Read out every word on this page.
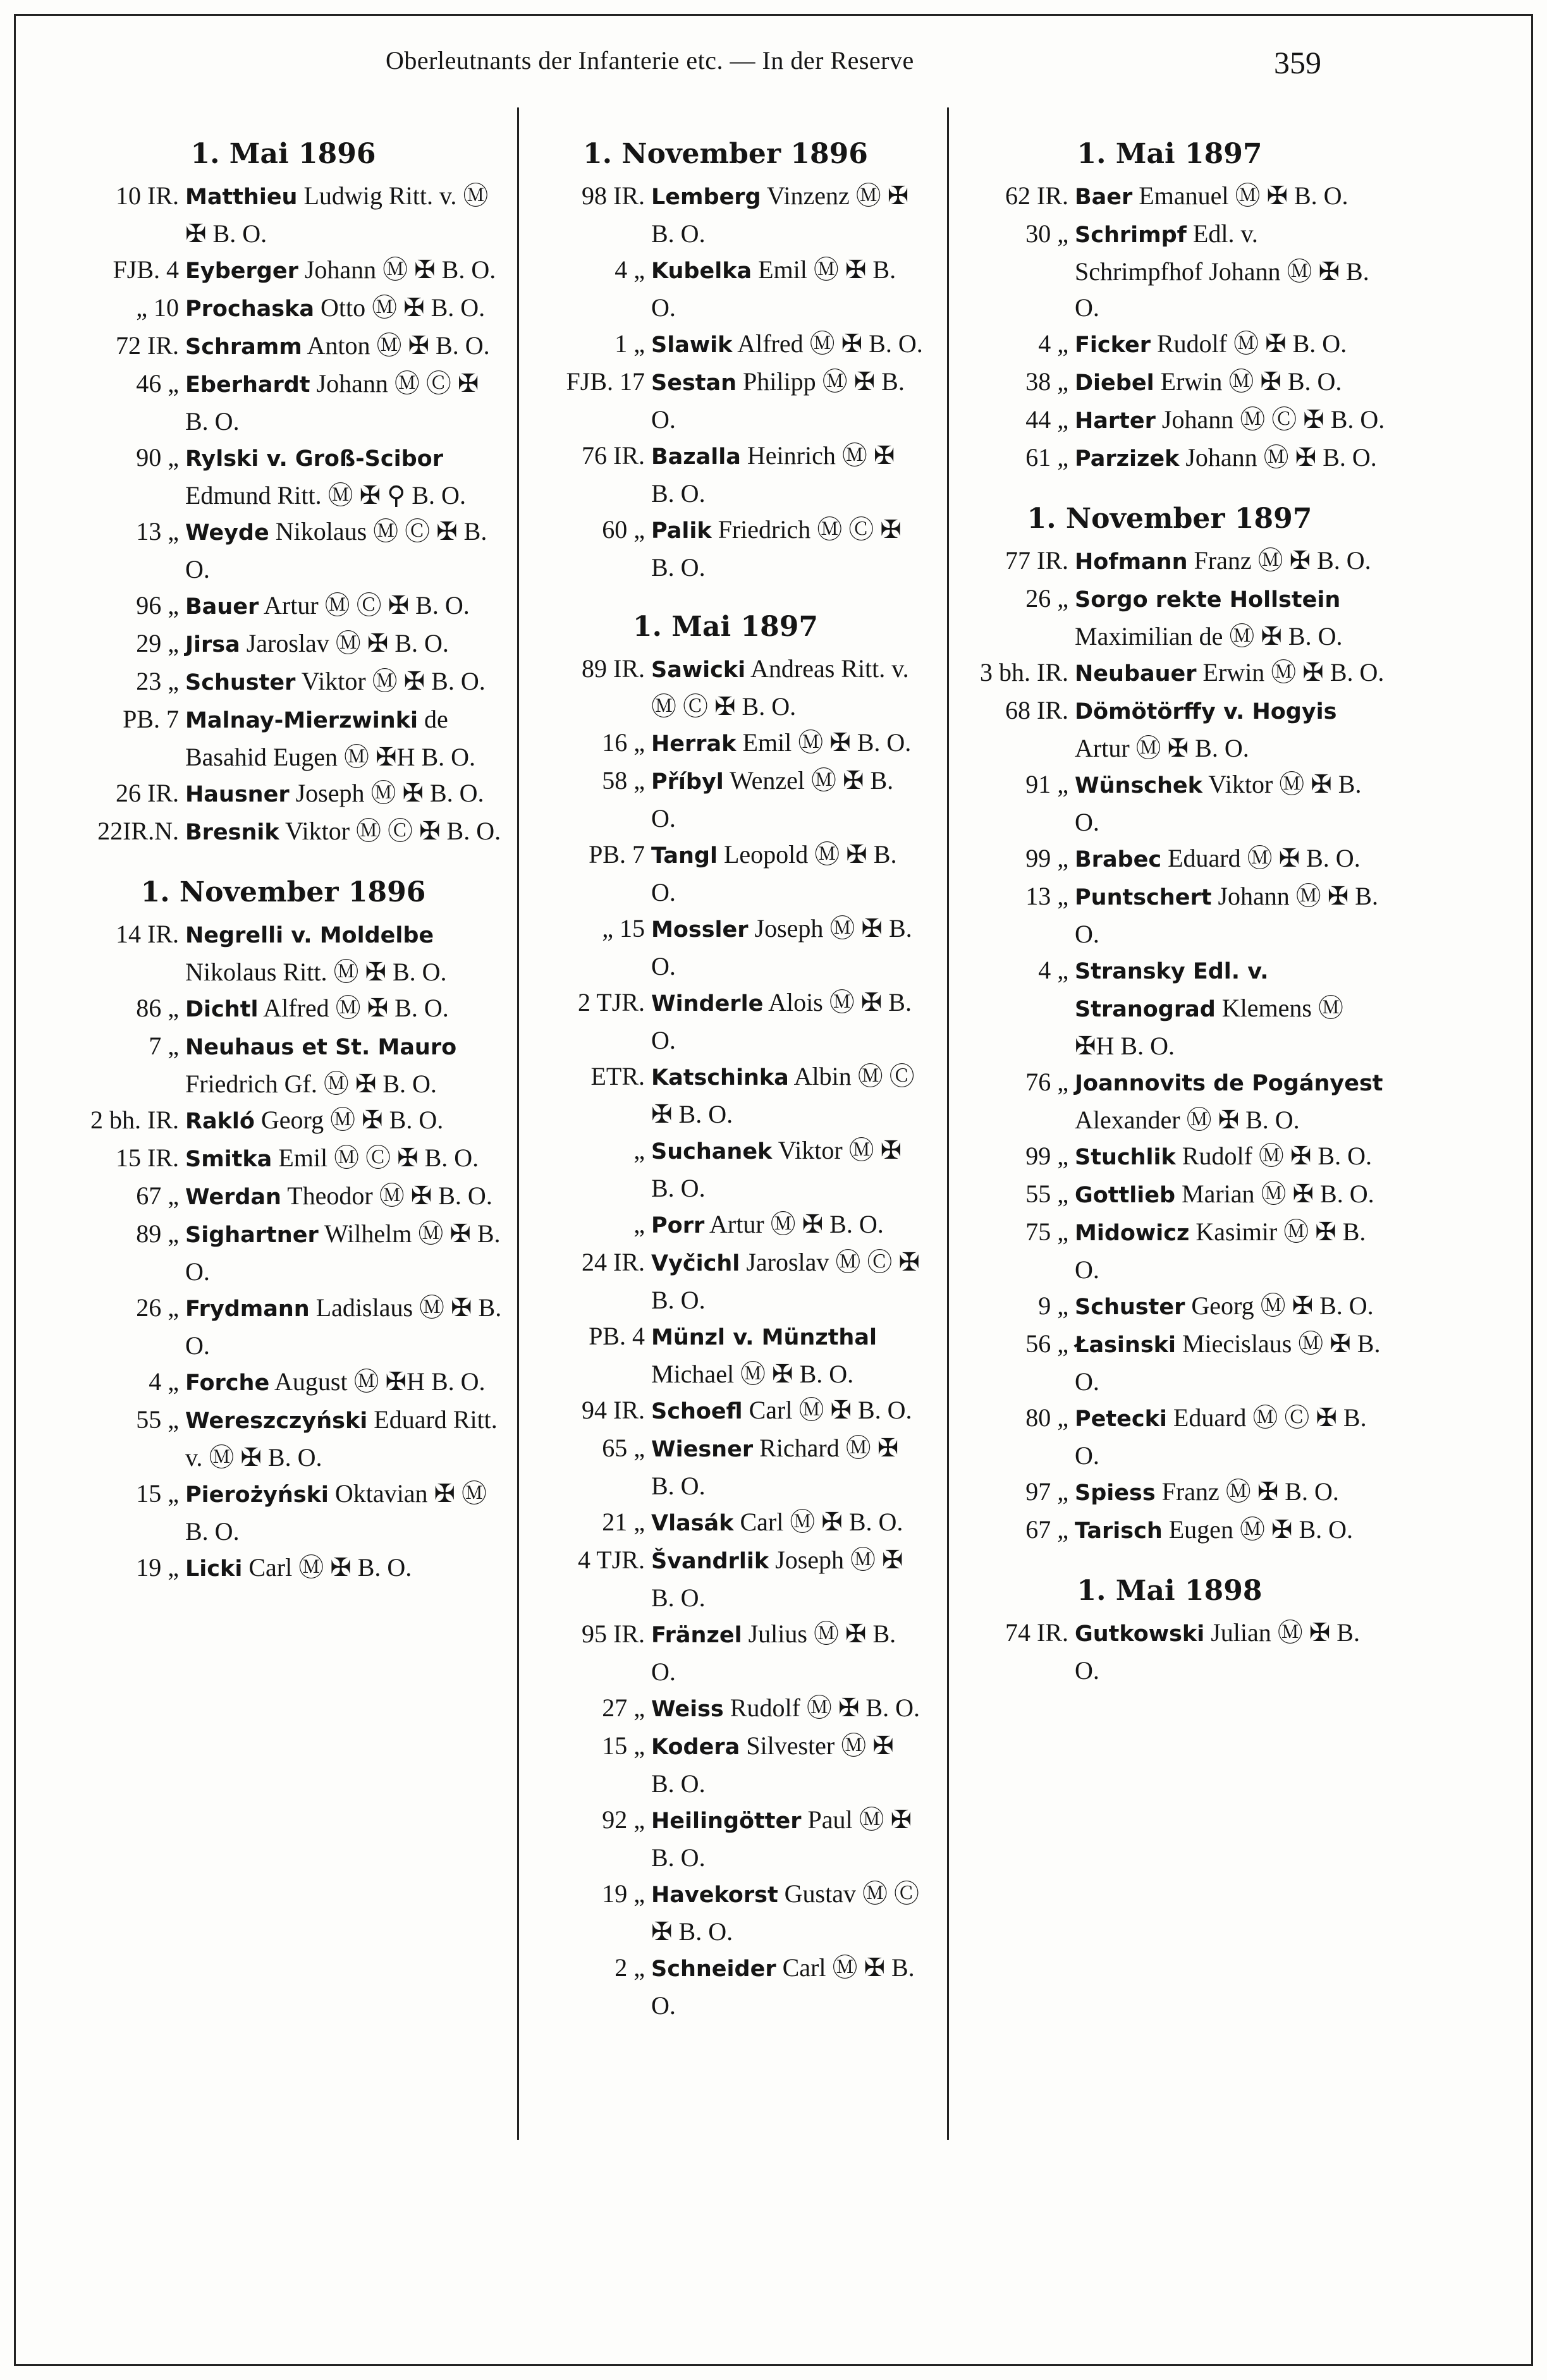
Oberleutnants der Infanterie etc. — In der Reserve	359
1. Mai 1896
10 IR. Matthieu Ludwig Ritt. v. Ⓜ ✠ B. O.
FJB. 4 Eyberger Johann Ⓜ ✠ B. O.
„ 10 Prochaska Otto Ⓜ ✠ B. O.
72 IR. Schramm Anton Ⓜ ✠ B. O.
46 „ Eberhardt Johann Ⓜ Ⓒ ✠ B. O.
90 „ Rylski v. Groß-Scibor Edmund Ritt. Ⓜ ✠ ⚲ B. O.
13 „ Weyde Nikolaus Ⓜ Ⓒ ✠ B. O.
96 „ Bauer Artur Ⓜ Ⓒ ✠ B. O.
29 „ Jirsa Jaroslav Ⓜ ✠ B. O.
23 „ Schuster Viktor Ⓜ ✠ B. O.
PB. 7 Malnay-Mierzwinki de Basahid Eugen Ⓜ ✠H B. O.
26 IR. Hausner Joseph Ⓜ ✠ B. O.
22IR.N. Bresnik Viktor Ⓜ Ⓒ ✠ B. O.
1. November 1896
14 IR. Negrelli v. Moldelbe Nikolaus Ritt. Ⓜ ✠ B. O.
86 „ Dichtl Alfred Ⓜ ✠ B. O.
7 „ Neuhaus et St. Mauro Friedrich Gf. Ⓜ ✠ B. O.
2 bh. IR. Rakló Georg Ⓜ ✠ B. O.
15 IR. Smitka Emil Ⓜ Ⓒ ✠ B. O.
67 „ Werdan Theodor Ⓜ ✠ B. O.
89 „ Sighartner Wilhelm Ⓜ ✠ B. O.
26 „ Frydmann Ladislaus Ⓜ ✠ B. O.
4 „ Forche August Ⓜ ✠H B. O.
55 „ Wereszczyński Eduard Ritt. v. Ⓜ ✠ B. O.
15 „ Pierożyński Oktavian ✠ Ⓜ B. O.
19 „ Licki Carl Ⓜ ✠ B. O.
1. November 1896
98 IR. Lemberg Vinzenz Ⓜ ✠ B. O.
4 „ Kubelka Emil Ⓜ ✠ B. O.
1 „ Slawik Alfred Ⓜ ✠ B. O.
FJB. 17 Sestan Philipp Ⓜ ✠ B. O.
76 IR. Bazalla Heinrich Ⓜ ✠ B. O.
60 „ Palik Friedrich Ⓜ Ⓒ ✠ B. O.
1. Mai 1897
89 IR. Sawicki Andreas Ritt. v. Ⓜ Ⓒ ✠ B. O.
16 „ Herrak Emil Ⓜ ✠ B. O.
58 „ Příbyl Wenzel Ⓜ ✠ B. O.
PB. 7 Tangl Leopold Ⓜ ✠ B. O.
„ 15 Mossler Joseph Ⓜ ✠ B. O.
2 TJR. Winderle Alois Ⓜ ✠ B. O.
ETR. Katschinka Albin Ⓜ Ⓒ ✠ B. O.
„ Suchanek Viktor Ⓜ ✠ B. O.
„ Porr Artur Ⓜ ✠ B. O.
24 IR. Vyčichl Jaroslav Ⓜ Ⓒ ✠ B. O.
PB. 4 Münzl v. Münzthal Michael Ⓜ ✠ B. O.
94 IR. Schoefl Carl Ⓜ ✠ B. O.
65 „ Wiesner Richard Ⓜ ✠ B. O.
21 „ Vlasák Carl Ⓜ ✠ B. O.
4 TJR. Švandrlik Joseph Ⓜ ✠ B. O.
95 IR. Fränzel Julius Ⓜ ✠ B. O.
27 „ Weiss Rudolf Ⓜ ✠ B. O.
15 „ Kodera Silvester Ⓜ ✠ B. O.
92 „ Heilingötter Paul Ⓜ ✠ B. O.
19 „ Havekorst Gustav Ⓜ Ⓒ ✠ B. O.
2 „ Schneider Carl Ⓜ ✠ B. O.
1. Mai 1897
62 IR. Baer Emanuel Ⓜ ✠ B. O.
30 „ Schrimpf Edl. v. Schrimpfhof Johann Ⓜ ✠ B. O.
4 „ Ficker Rudolf Ⓜ ✠ B. O.
38 „ Diebel Erwin Ⓜ ✠ B. O.
44 „ Harter Johann Ⓜ Ⓒ ✠ B. O.
61 „ Parzizek Johann Ⓜ ✠ B. O.
1. November 1897
77 IR. Hofmann Franz Ⓜ ✠ B. O.
26 „ Sorgo rekte Hollstein Maximilian de Ⓜ ✠ B. O.
3 bh. IR. Neubauer Erwin Ⓜ ✠ B. O.
68 IR. Dömötörffy v. Hogyis Artur Ⓜ ✠ B. O.
91 „ Wünschek Viktor Ⓜ ✠ B. O.
99 „ Brabec Eduard Ⓜ ✠ B. O.
13 „ Puntschert Johann Ⓜ ✠ B. O.
4 „ Stransky Edl. v. Stranograd Klemens Ⓜ ✠H B. O.
76 „ Joannovits de Pogányest Alexander Ⓜ ✠ B. O.
99 „ Stuchlik Rudolf Ⓜ ✠ B. O.
55 „ Gottlieb Marian Ⓜ ✠ B. O.
75 „ Midowicz Kasimir Ⓜ ✠ B. O.
9 „ Schuster Georg Ⓜ ✠ B. O.
56 „ Łasinski Miecislaus Ⓜ ✠ B. O.
80 „ Petecki Eduard Ⓜ Ⓒ ✠ B. O.
97 „ Spiess Franz Ⓜ ✠ B. O.
67 „ Tarisch Eugen Ⓜ ✠ B. O.
1. Mai 1898
74 IR. Gutkowski Julian Ⓜ ✠ B. O.
